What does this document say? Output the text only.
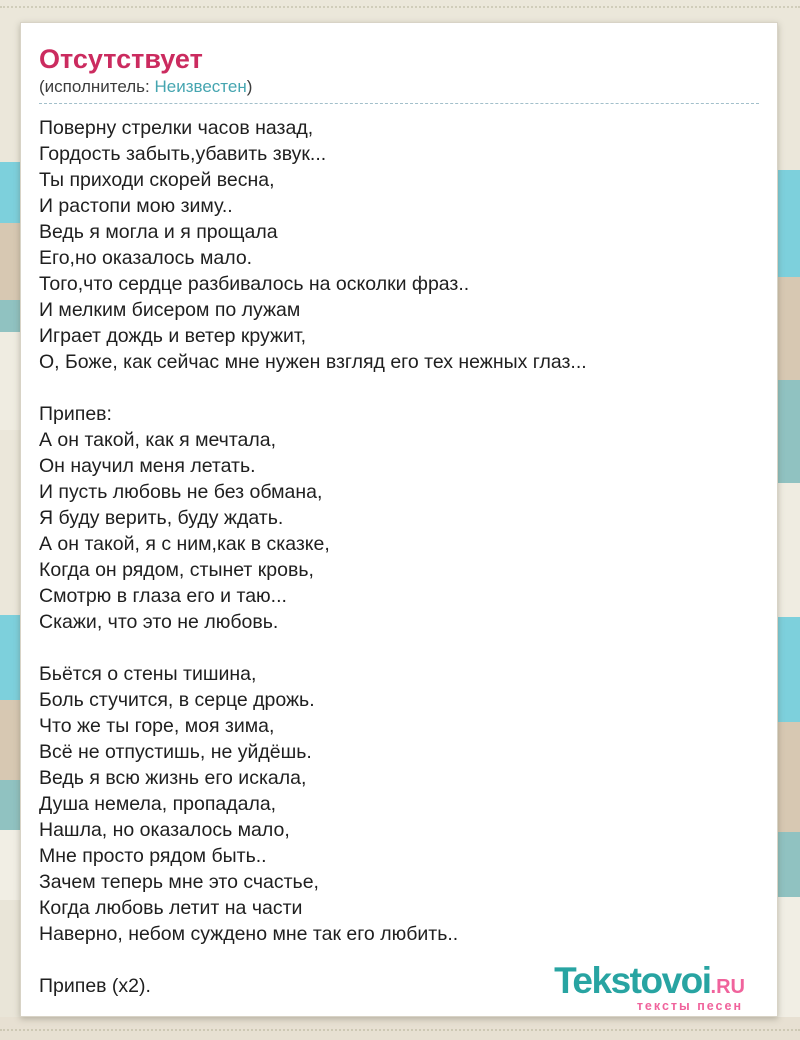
Отсутствует
(исполнитель: Неизвестен)
Поверну стрелки часов назад,
Гордость забыть,убавить звук...
Ты приходи скорей весна,
И растопи мою зиму..
Ведь я могла и я прощала
Его,но оказалось мало.
Того,что сердце разбивалось на осколки фраз..
И мелким бисером по лужам
Играет дождь и ветер кружит,
О, Боже, как сейчас мне нужен взгляд его тех нежных глаз...
Припев:
А он такой, как я мечтала,
Он научил меня летать.
И пусть любовь не без обмана,
Я буду верить, буду ждать.
А он такой, я с ним,как в сказке,
Когда он рядом, стынет кровь,
Смотрю в глаза его и таю...
Скажи, что это не любовь.
Бьётся о стены тишина,
Боль стучится, в серце дрожь.
Что же ты горе, моя зима,
Всё не отпустишь, не уйдёшь.
Ведь я всю жизнь его искала,
Душа немела, пропадала,
Нашла, но оказалось мало,
Мне просто рядом быть..
Зачем теперь мне это счастье,
Когда любовь летит на части
Наверно, небом суждено мне так его любить..
Припев (x2).	Tekstovoi.RU
тексты песен
